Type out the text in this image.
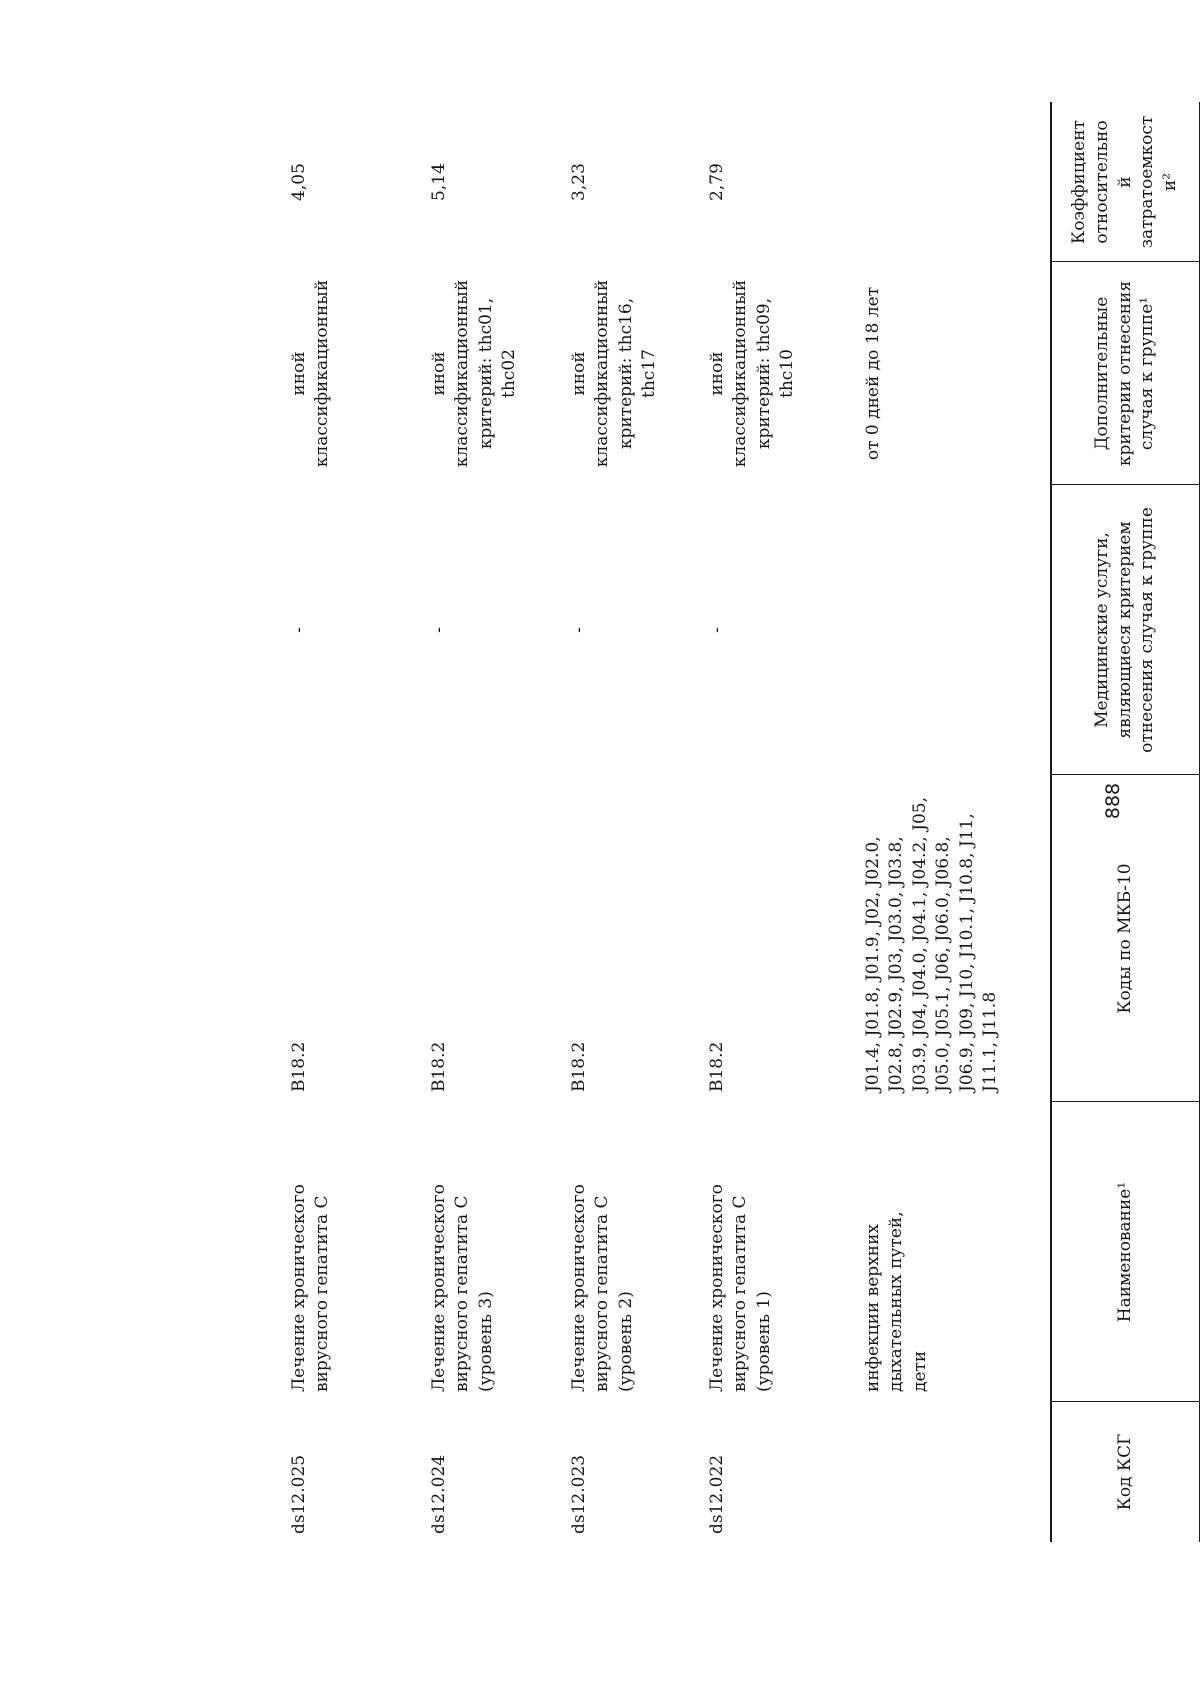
888
Код КСГ
Наименование¹
Коды по МКБ-10
Медицинские услуги, являющиеся критерием отнесения случая к группе
Дополнительные критерии отнесения случая к группе¹
Коэффициент относительно й затратоемкост и²
инфекции верхних дыхательных путей, дети
J01.4, J01.8, J01.9, J02, J02.0, J02.8, J02.9, J03, J03.0, J03.8, J03.9, J04, J04.0, J04.1, J04.2, J05, J05.0, J05.1, J06, J06.0, J06.8, J06.9, J09, J10, J10.1, J10.8, J11, J11.1, J11.8
от 0 дней до 18 лет
ds12.022
Лечение хронического вирусного гепатита С (уровень 1)
B18.2
-
иной классификационный критерий: thc09, thc10
2,79
ds12.023
Лечение хронического вирусного гепатита С (уровень 2)
B18.2
-
иной классификационный критерий: thc16, thc17
3,23
ds12.024
Лечение хронического вирусного гепатита С (уровень 3)
B18.2
-
иной классификационный критерий: thc01, thc02
5,14
ds12.025
Лечение хронического вирусного гепатита С
B18.2
-
иной классификационный
4,05
